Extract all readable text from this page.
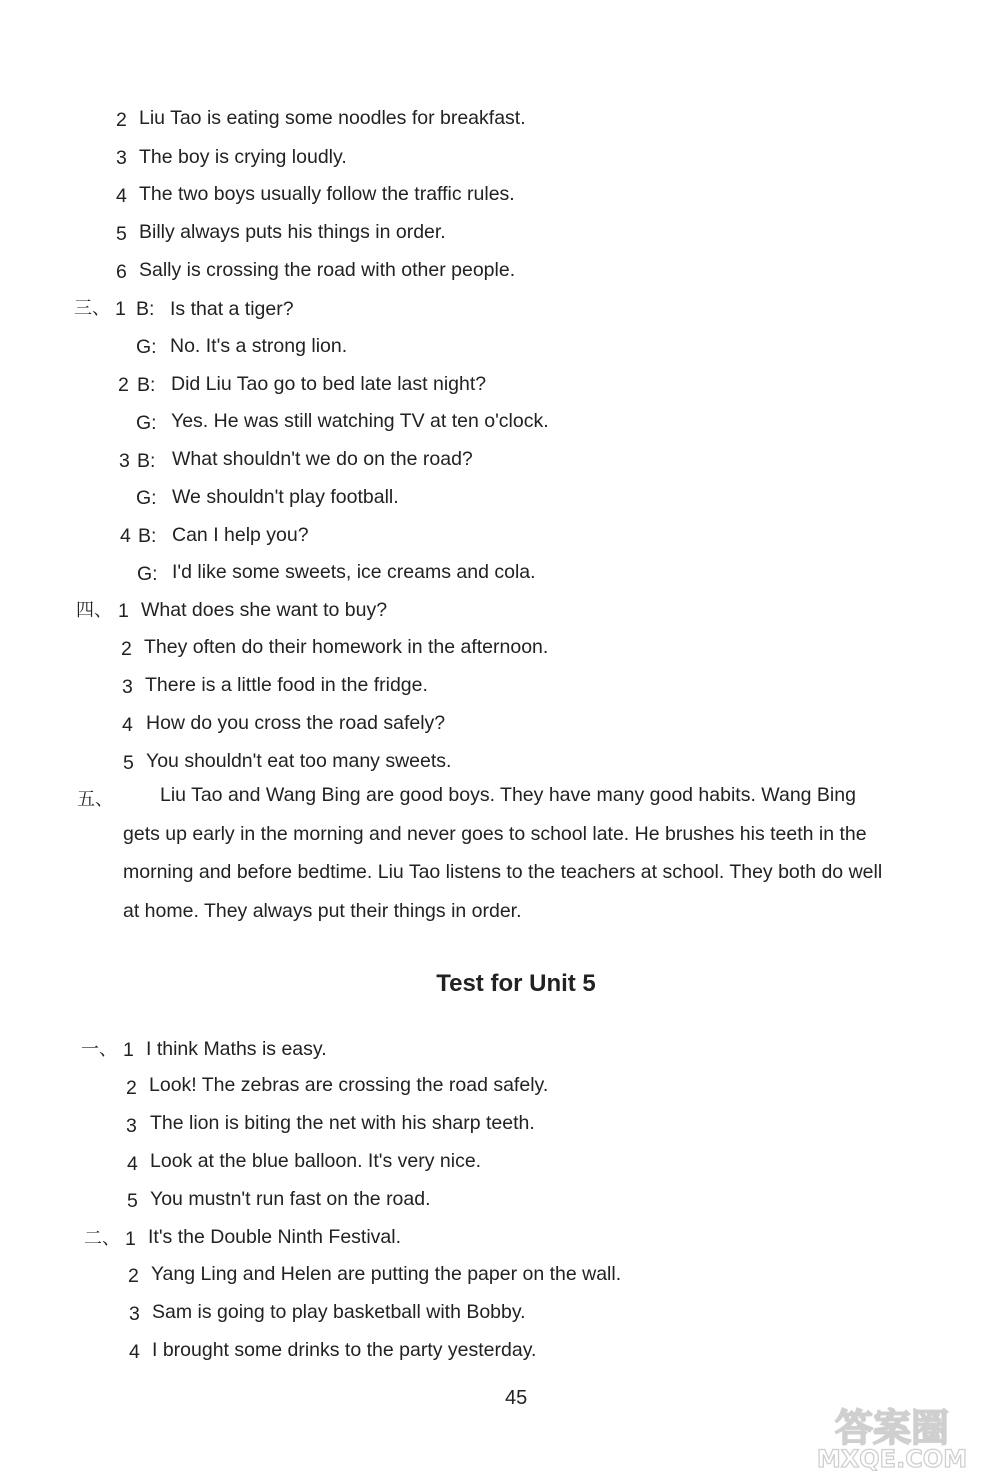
2 Liu Tao is eating some noodles for breakfast.
3 The boy is crying loudly.
4 The two boys usually follow the traffic rules.
5 Billy always puts his things in order.
6 Sally is crossing the road with other people.
三、 1 B: Is that a tiger?
G: No. It's a strong lion.
2 B: Did Liu Tao go to bed late last night?
G: Yes. He was still watching TV at ten o'clock.
3 B: What shouldn't we do on the road?
G: We shouldn't play football.
4 B: Can I help you?
G: I'd like some sweets, ice creams and cola.
四、 1 What does she want to buy?
2 They often do their homework in the afternoon.
3 There is a little food in the fridge.
4 How do you cross the road safely?
5 You shouldn't eat too many sweets.
五、	Liu Tao and Wang Bing are good boys. They have many good habits. Wang Bing

gets up early in the morning and never goes to school late. He brushes his teeth in the

morning and before bedtime. Liu Tao listens to the teachers at school. They both do well

at home. They always put their things in order.

Test for Unit 5
一、 1 I think Maths is easy.
2 Look! The zebras are crossing the road safely.
3 The lion is biting the net with his sharp teeth.
4 Look at the blue balloon. It's very nice.
5 You mustn't run fast on the road.
二、 1 It's the Double Ninth Festival.
2 Yang Ling and Helen are putting the paper on the wall.
3 Sam is going to play basketball with Bobby.
4 I brought some drinks to the party yesterday.
45
答案圈
MXQE.COM
